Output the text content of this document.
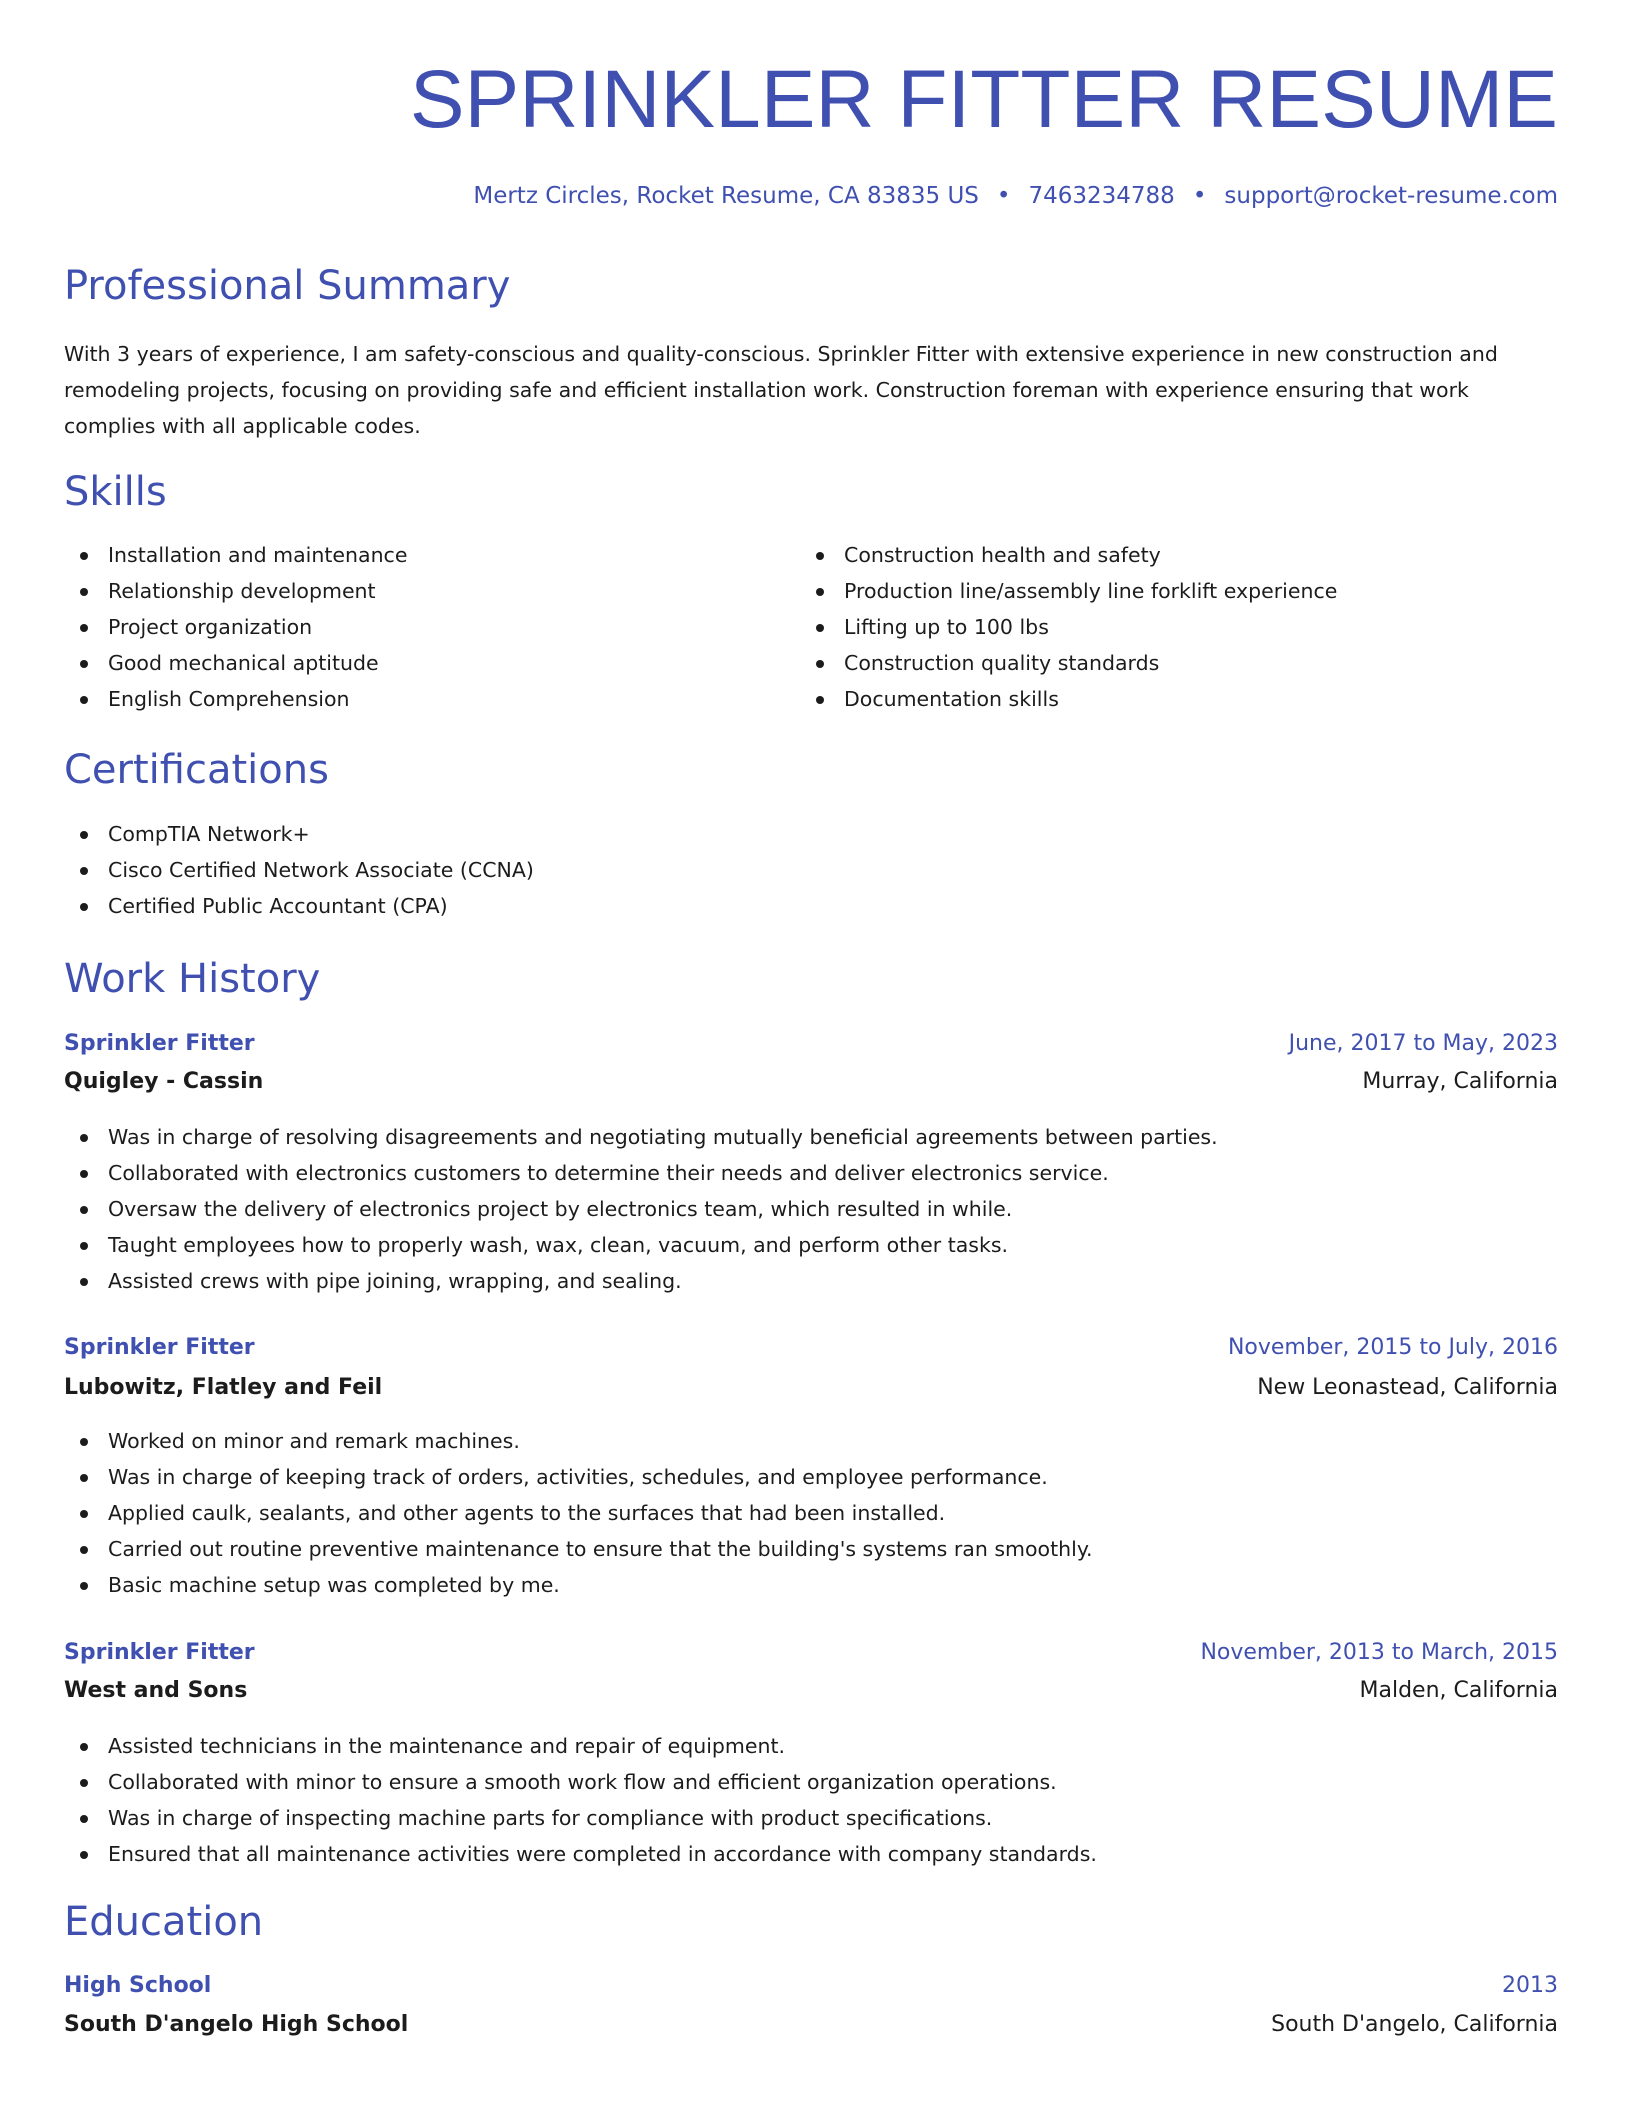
SPRINKLER FITTER RESUME
Mertz Circles, Rocket Resume, CA 83835 US • 7463234788 • support@rocket-resume.com
Professional Summary

With 3 years of experience, I am safety-conscious and quality-conscious. Sprinkler Fitter with extensive experience in new construction and remodeling projects, focusing on providing safe and efficient installation work. Construction foreman with experience ensuring that work complies with all applicable codes.

Skills
Installation and maintenance
Relationship development
Project organization
Good mechanical aptitude
English Comprehension
Construction health and safety
Production line/assembly line forklift experience
Lifting up to 100 lbs
Construction quality standards
Documentation skills
Certifications
CompTIA Network+
Cisco Certified Network Associate (CCNA)
Certified Public Accountant (CPA)
Work History
Sprinkler Fitter	June, 2017 to May, 2023
Quigley - Cassin	Murray, California
Was in charge of resolving disagreements and negotiating mutually beneficial agreements between parties.
Collaborated with electronics customers to determine their needs and deliver electronics service.
Oversaw the delivery of electronics project by electronics team, which resulted in while.
Taught employees how to properly wash, wax, clean, vacuum, and perform other tasks.
Assisted crews with pipe joining, wrapping, and sealing.
Sprinkler Fitter	November, 2015 to July, 2016
Lubowitz, Flatley and Feil	New Leonastead, California
Worked on minor and remark machines.
Was in charge of keeping track of orders, activities, schedules, and employee performance.
Applied caulk, sealants, and other agents to the surfaces that had been installed.
Carried out routine preventive maintenance to ensure that the building's systems ran smoothly.
Basic machine setup was completed by me.
Sprinkler Fitter	November, 2013 to March, 2015
West and Sons	Malden, California
Assisted technicians in the maintenance and repair of equipment.
Collaborated with minor to ensure a smooth work flow and efficient organization operations.
Was in charge of inspecting machine parts for compliance with product specifications.
Ensured that all maintenance activities were completed in accordance with company standards.
Education
High School	2013
South D'angelo High School	South D'angelo, California
